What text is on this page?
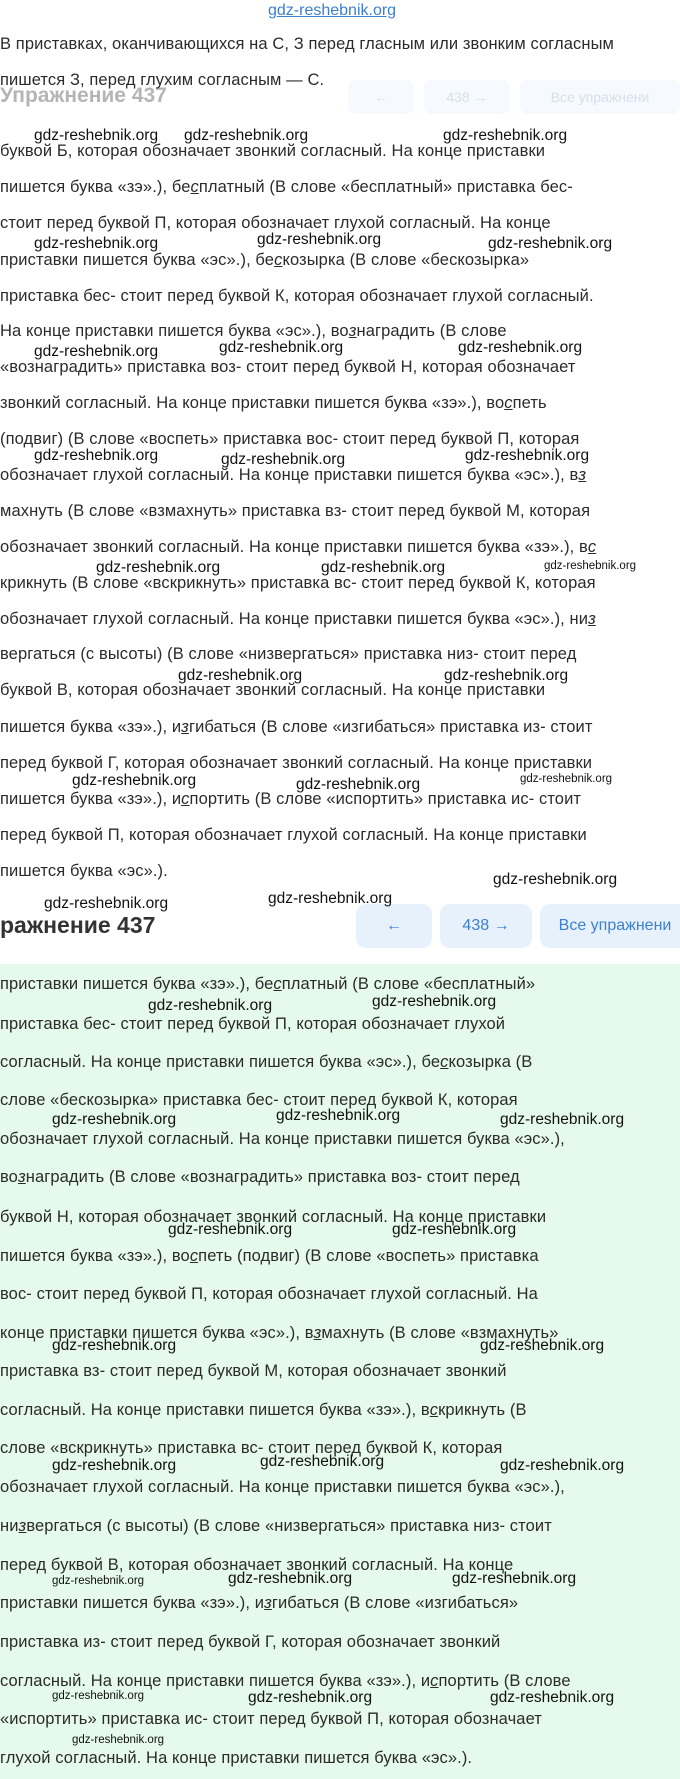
gdz-reshebnik.org
Упражнение 437	←	438 →	Все упражнени
В приставках, оканчивающихся на С, З перед гласным или звонким согласным
пишется З, перед глухим согласным — С.
буквой Б, которая обозначает звонкий согласный. На конце приставки
пишется буква «зэ».), бесплатный (В слове «бесплатный» приставка бес-
стоит перед буквой П, которая обозначает глухой согласный. На конце
приставки пишется буква «эс».), бескозырка (В слове «бескозырка»
приставка бес- стоит перед буквой К, которая обозначает глухой согласный.
На конце приставки пишется буква «эс».), вознаградить (В слове
«вознаградить» приставка воз- стоит перед буквой Н, которая обозначает
звонкий согласный. На конце приставки пишется буква «зэ».), воспеть
(подвиг) (В слове «воспеть» приставка вос- стоит перед буквой П, которая
обозначает глухой согласный. На конце приставки пишется буква «эс».), вз
махнуть (В слове «взмахнуть» приставка вз- стоит перед буквой М, которая
обозначает звонкий согласный. На конце приставки пишется буква «зэ».), вс
крикнуть (В слове «вскрикнуть» приставка вс- стоит перед буквой К, которая
обозначает глухой согласный. На конце приставки пишется буква «эс».), низ
вергаться (с высоты) (В слове «низвергаться» приставка низ- стоит перед
буквой В, которая обозначает звонкий согласный. На конце приставки
пишется буква «зэ».), изгибаться (В слове «изгибаться» приставка из- стоит
перед буквой Г, которая обозначает звонкий согласный. На конце приставки
пишется буква «зэ».), испортить (В слове «испортить» приставка ис- стоит
перед буквой П, которая обозначает глухой согласный. На конце приставки
пишется буква «эс».).
ражнение 437	←	438 →	Все упражнени
приставки пишется буква «зэ».), бесплатный (В слове «бесплатный»
приставка бес- стоит перед буквой П, которая обозначает глухой
согласный. На конце приставки пишется буква «эс».), бескозырка (В
слове «бескозырка» приставка бес- стоит перед буквой К, которая
обозначает глухой согласный. На конце приставки пишется буква «эс».),
вознаградить (В слове «вознаградить» приставка воз- стоит перед
буквой Н, которая обозначает звонкий согласный. На конце приставки
пишется буква «зэ».), воспеть (подвиг) (В слове «воспеть» приставка
вос- стоит перед буквой П, которая обозначает глухой согласный. На
конце приставки пишется буква «эс».), взмахнуть (В слове «взмахнуть»
приставка вз- стоит перед буквой М, которая обозначает звонкий
согласный. На конце приставки пишется буква «зэ».), вскрикнуть (В
слове «вскрикнуть» приставка вс- стоит перед буквой К, которая
обозначает глухой согласный. На конце приставки пишется буква «эс».),
низвергаться (с высоты) (В слове «низвергаться» приставка низ- стоит
перед буквой В, которая обозначает звонкий согласный. На конце
приставки пишется буква «зэ».), изгибаться (В слове «изгибаться»
приставка из- стоит перед буквой Г, которая обозначает звонкий
согласный. На конце приставки пишется буква «зэ».), испортить (В слове
«испортить» приставка ис- стоит перед буквой П, которая обозначает
глухой согласный. На конце приставки пишется буква «эс».).
gdz-reshebnik.org gdz-reshebnik.org	gdz-reshebnik.org
gdz-reshebnik.org	gdz-reshebnik.org	gdz-reshebnik.org
gdz-reshebnik.org	gdz-reshebnik.org	gdz-reshebnik.org
gdz-reshebnik.org	gdz-reshebnik.org	gdz-reshebnik.org
gdz-reshebnik.org	gdz-reshebnik.org	gdz-reshebnik.org
gdz-reshebnik.org	gdz-reshebnik.org
gdz-reshebnik.org	gdz-reshebnik.org	gdz-reshebnik.org
gdz-reshebnik.org
gdz-reshebnik.org	gdz-reshebnik.org
gdz-reshebnik.org	gdz-reshebnik.org
gdz-reshebnik.org	gdz-reshebnik.org	gdz-reshebnik.org
gdz-reshebnik.org	gdz-reshebnik.org
gdz-reshebnik.org	gdz-reshebnik.org
gdz-reshebnik.org	gdz-reshebnik.org	gdz-reshebnik.org
gdz-reshebnik.org	gdz-reshebnik.org	gdz-reshebnik.org
gdz-reshebnik.org	gdz-reshebnik.org	gdz-reshebnik.org
gdz-reshebnik.org
